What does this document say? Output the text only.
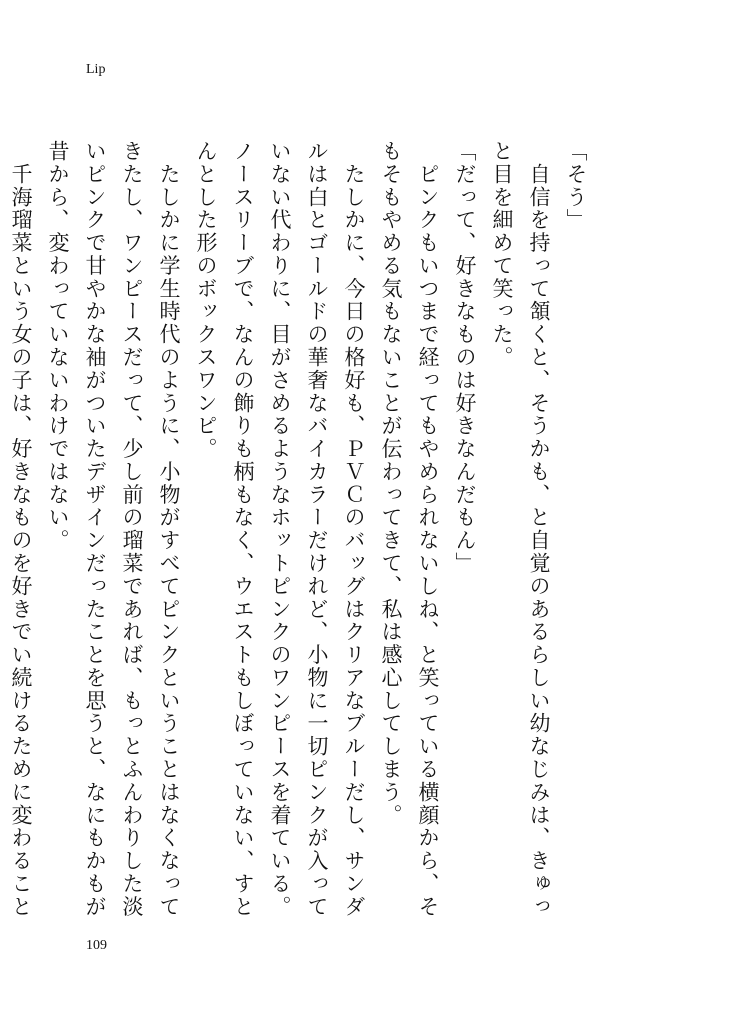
Lip

「そう」

　自信を持って頷くと、そうかも、と自覚のあるらしい幼なじみは、きゅっと目を細めて笑った。

「だって、好きなものは好きなんだもん」

　ピンクもいつまで経ってもやめられないしね、と笑っている横顔から、そもそもやめる気もないことが伝わってきて、私は感心してしまう。

　たしかに、今日の格好も、ＰＶＣのバッグはクリアなブルーだし、サンダルは白とゴールドの華奢なバイカラーだけれど、小物に一切ピンクが入っていない代わりに、目がさめるようなホットピンクのワンピースを着ている。ノースリーブで、なんの飾りも柄もなく、ウエストもしぼっていない、すとんとした形のボックスワンピ。

　たしかに学生時代のように、小物がすべてピンクということはなくなってきたし、ワンピースだって、少し前の瑠菜であれば、もっとふんわりした淡いピンクで甘やかな袖がついたデザインだったことを思うと、なにもかもが昔から、変わっていないわけではない。

　千海瑠菜という女の子は、好きなものを好きでい続けるために変わること

109
